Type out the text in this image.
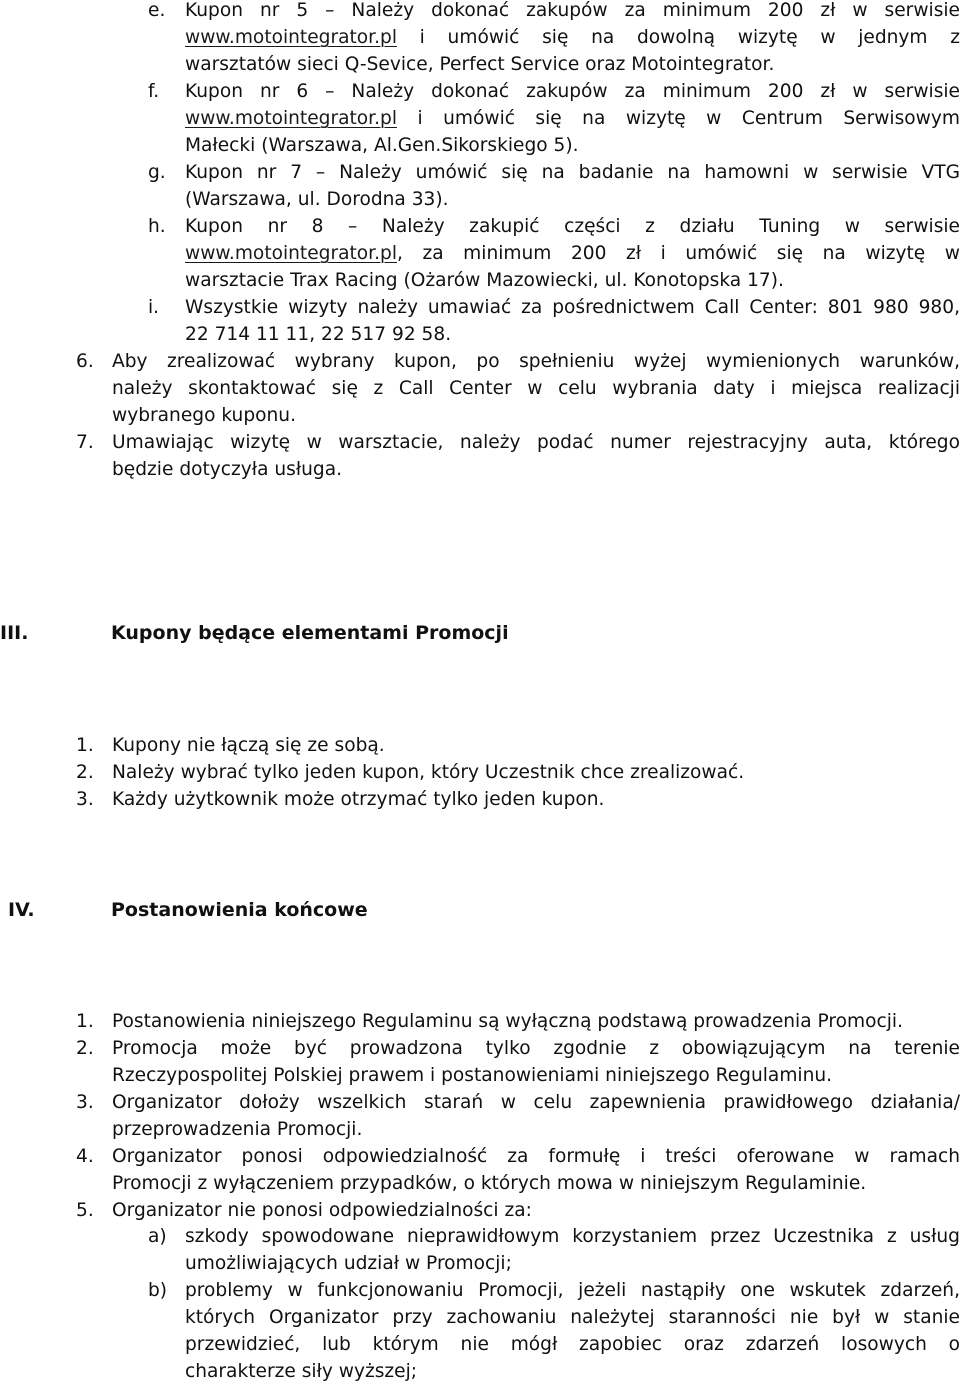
e. Kupon nr 5 – Należy dokonać zakupów za minimum 200 zł w serwisie
www.motointegrator.pl i umówić się na dowolną wizytę w jednym z
warsztatów sieci Q-Sevice, Perfect Service oraz Motointegrator.
f. Kupon nr 6 – Należy dokonać zakupów za minimum 200 zł w serwisie
www.motointegrator.pl i umówić się na wizytę w Centrum Serwisowym
Małecki (Warszawa, Al.Gen.Sikorskiego 5).
g. Kupon nr 7 – Należy umówić się na badanie na hamowni w serwisie VTG
(Warszawa, ul. Dorodna 33).
h. Kupon nr 8 – Należy zakupić części z działu Tuning w serwisie
www.motointegrator.pl, za minimum 200 zł i umówić się na wizytę w
warsztacie Trax Racing (Ożarów Mazowiecki, ul. Konotopska 17).
i. Wszystkie wizyty należy umawiać za pośrednictwem Call Center: 801 980 980,
22 714 11 11, 22 517 92 58.
6. Aby zrealizować wybrany kupon, po spełnieniu wyżej wymienionych warunków,
należy skontaktować się z Call Center w celu wybrania daty i miejsca realizacji
wybranego kuponu.
7. Umawiając wizytę w warsztacie, należy podać numer rejestracyjny auta, którego
będzie dotyczyła usługa.
III.	Kupony będące elementami Promocji
1. Kupony nie łączą się ze sobą.
2. Należy wybrać tylko jeden kupon, który Uczestnik chce zrealizować.
3. Każdy użytkownik może otrzymać tylko jeden kupon.
IV.	Postanowienia końcowe
1. Postanowienia niniejszego Regulaminu są wyłączną podstawą prowadzenia Promocji.
2. Promocja może być prowadzona tylko zgodnie z obowiązującym na terenie
Rzeczypospolitej Polskiej prawem i postanowieniami niniejszego Regulaminu.
3. Organizator dołoży wszelkich starań w celu zapewnienia prawidłowego działania/
przeprowadzenia Promocji.
4. Organizator ponosi odpowiedzialność za formułę i treści oferowane w ramach
Promocji z wyłączeniem przypadków, o których mowa w niniejszym Regulaminie.
5. Organizator nie ponosi odpowiedzialności za:
a) szkody spowodowane nieprawidłowym korzystaniem przez Uczestnika z usług
umożliwiających udział w Promocji;
b) problemy w funkcjonowaniu Promocji, jeżeli nastąpiły one wskutek zdarzeń,
których Organizator przy zachowaniu należytej staranności nie był w stanie
przewidzieć, lub którym nie mógł zapobiec oraz zdarzeń losowych o
charakterze siły wyższej;
